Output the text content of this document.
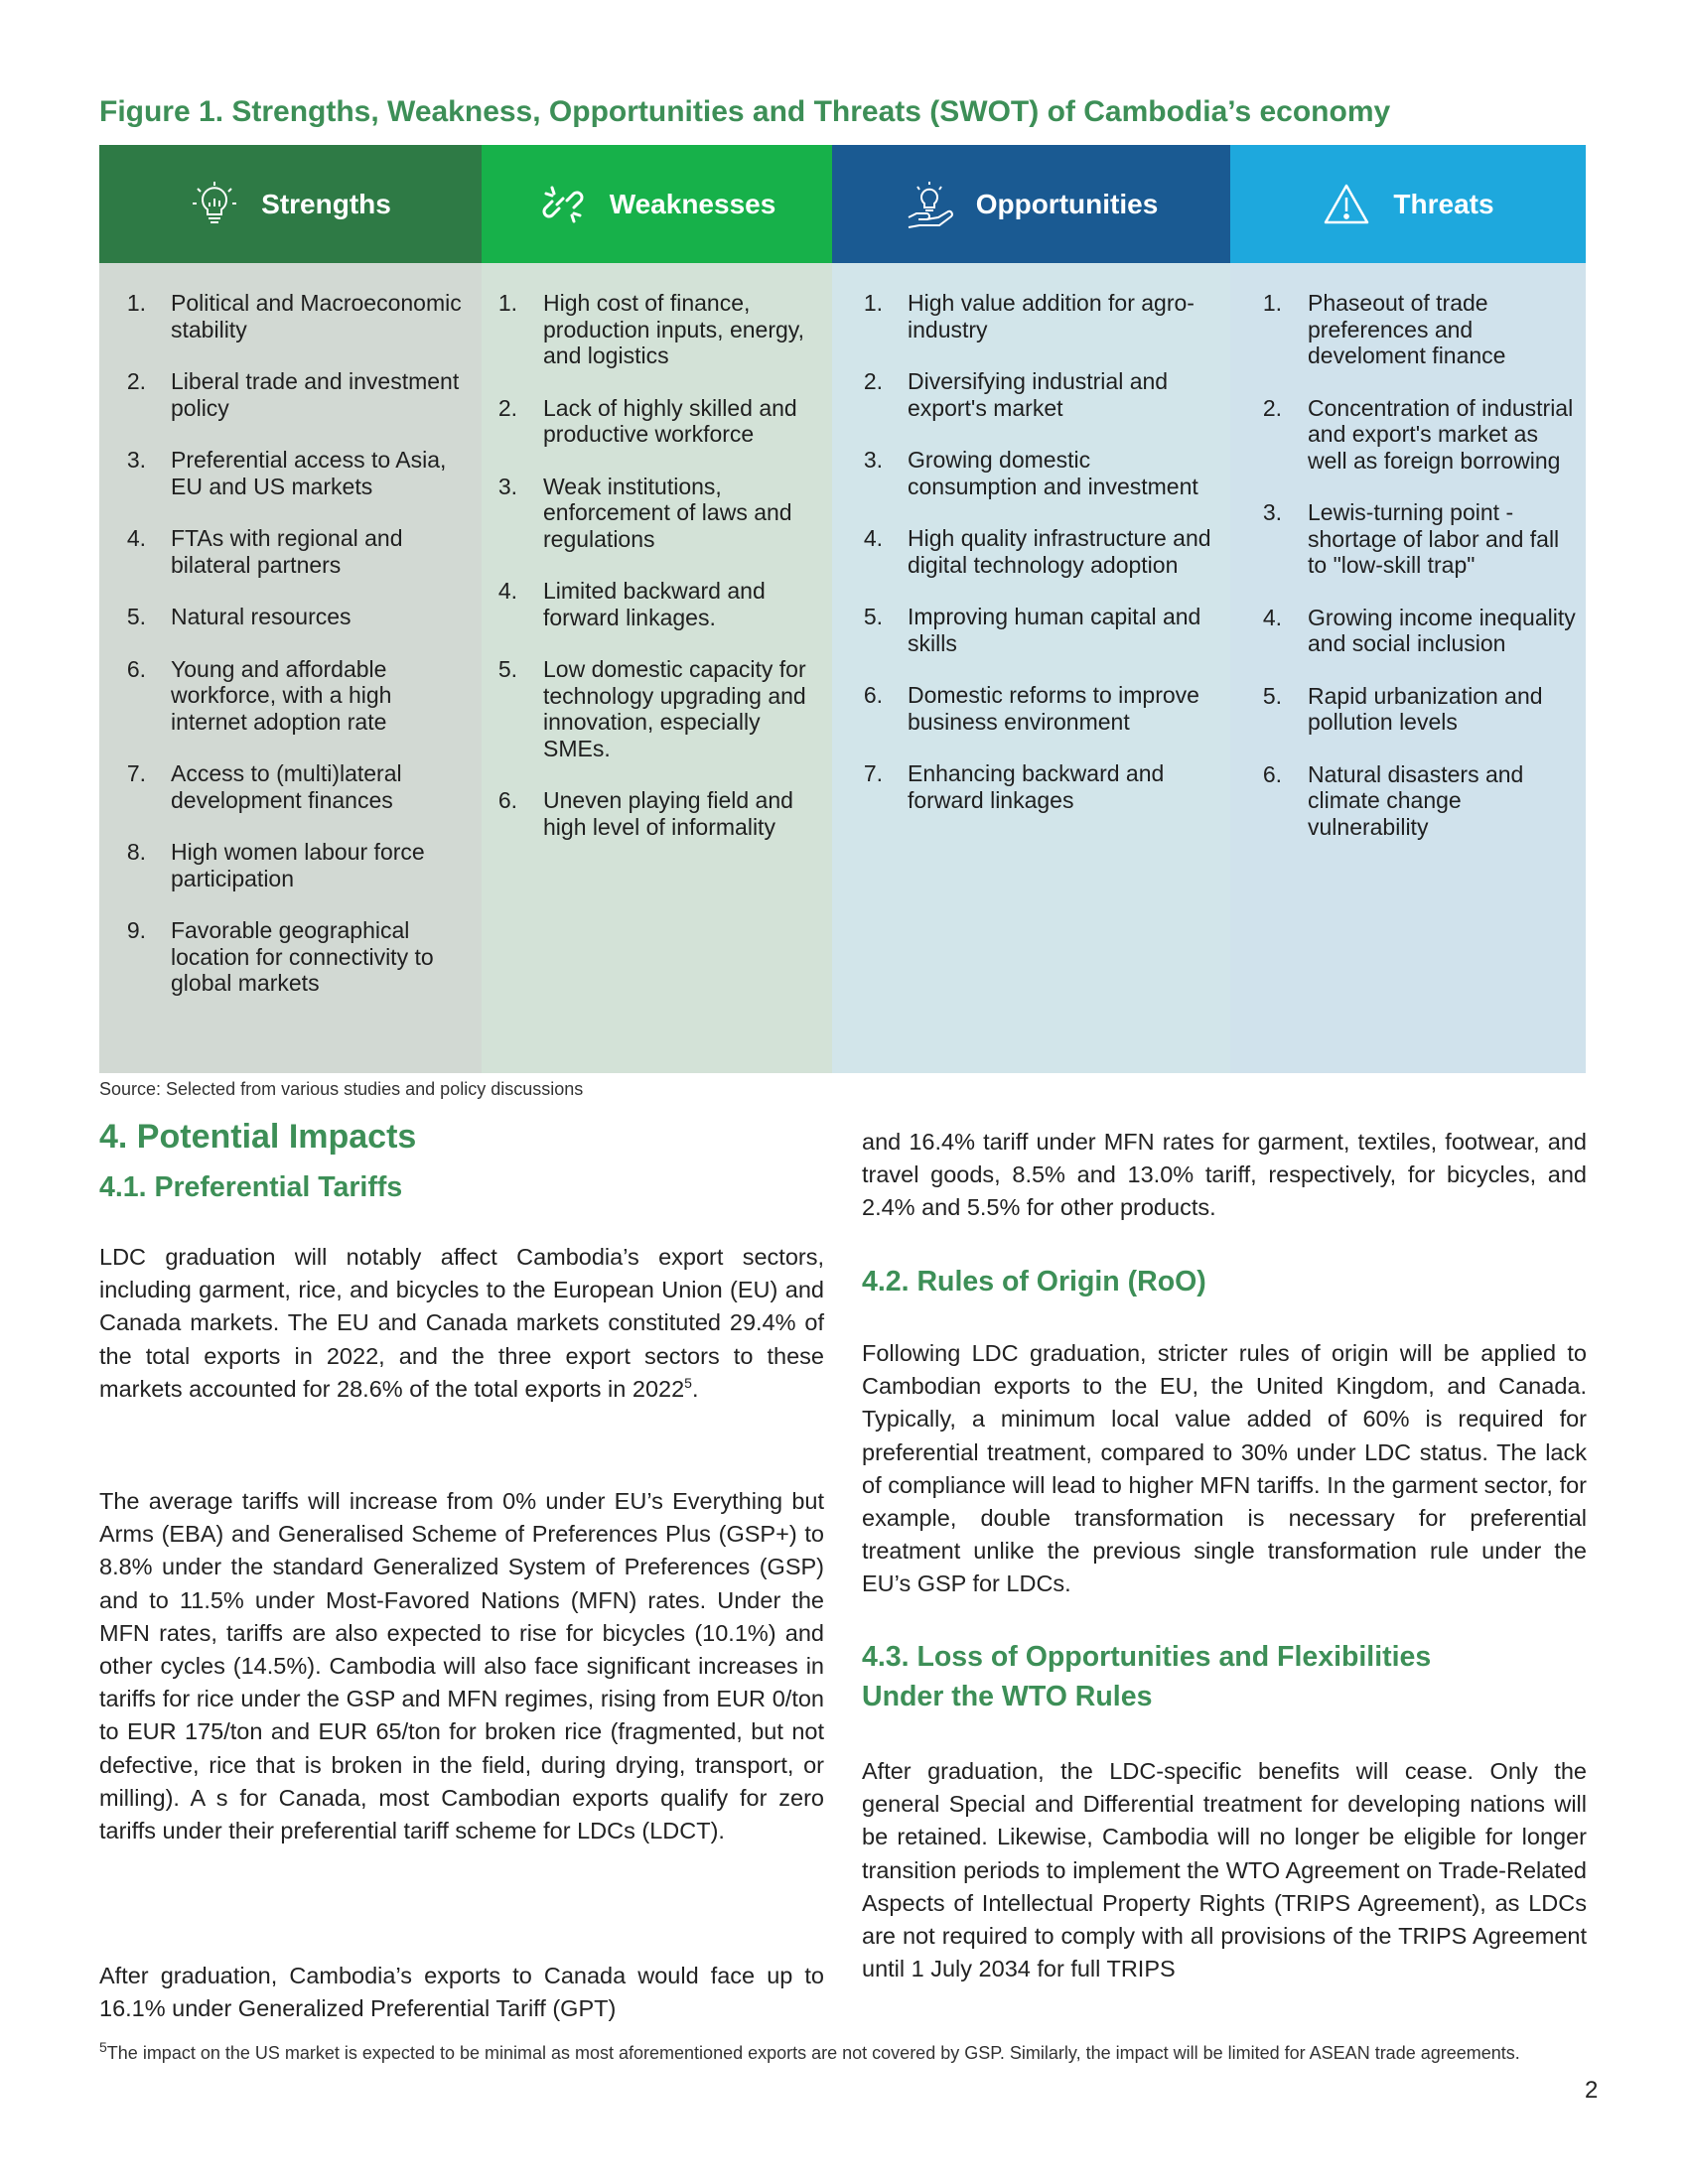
Figure 1. Strengths, Weakness, Opportunities and Threats (SWOT) of Cambodia’s economy
Strengths
1. Political and Macroeconomic stability
2. Liberal trade and investment policy
3. Preferential access to Asia, EU and US markets
4. FTAs with regional and bilateral partners
5. Natural resources
6. Young and affordable workforce, with a high internet adoption rate
7. Access to (multi)lateral development finances
8. High women labour force participation
9. Favorable geographical location for connectivity to global markets
Weaknesses
1. High cost of finance, production inputs, energy, and logistics
2. Lack of highly skilled and productive workforce
3. Weak institutions, enforcement of laws and regulations
4. Limited backward and forward linkages.
5. Low domestic capacity for technology upgrading and innovation, especially SMEs.
6. Uneven playing field and high level of informality
Opportunities
1. High value addition for agro-industry
2. Diversifying industrial and export's market
3. Growing domestic consumption and investment
4. High quality infrastructure and digital technology adoption
5. Improving human capital and skills
6. Domestic reforms to improve business environment
7. Enhancing backward and forward linkages
Threats
1. Phaseout of trade preferences and develoment finance
2. Concentration of industrial and export's market as well as foreign borrowing
3. Lewis-turning point - shortage of labor and fall to "low-skill trap"
4. Growing income inequality and social inclusion
5. Rapid urbanization and pollution levels
6. Natural disasters and climate change vulnerability
Source: Selected from various studies and policy discussions
4. Potential Impacts
4.1. Preferential Tariffs

LDC graduation will notably affect Cambodia’s export sectors, including garment, rice, and bicycles to the European Union (EU) and Canada markets. The EU and Canada markets constituted 29.4% of the total exports in 2022, and the three export sectors to these markets accounted for 28.6% of the total exports in 2022$^5$.

The average tariffs will increase from 0% under EU’s Everything but Arms (EBA) and Generalised Scheme of Preferences Plus (GSP+) to 8.8% under the standard Generalized System of Preferences (GSP) and to 11.5% under Most-Favored Nations (MFN) rates. Under the MFN rates, tariffs are also expected to rise for bicycles (10.1%) and other cycles (14.5%). Cambodia will also face significant increases in tariffs for rice under the GSP and MFN regimes, rising from EUR 0/ton to EUR 175/ton and EUR 65/ton for broken rice (fragmented, but not defective, rice that is broken in the field, during drying, transport, or milling). A s for Canada, most Cambodian exports qualify for zero tariffs under their preferential tariff scheme for LDCs (LDCT).

After graduation, Cambodia’s exports to Canada would face up to 16.1% under Generalized Preferential Tariff (GPT)

and 16.4% tariff under MFN rates for garment, textiles, footwear, and travel goods, 8.5% and 13.0% tariff, respectively, for bicycles, and 2.4% and 5.5% for other products.

4.2. Rules of Origin (RoO)

Following LDC graduation, stricter rules of origin will be applied to Cambodian exports to the EU, the United Kingdom, and Canada. Typically, a minimum local value added of 60% is required for preferential treatment, compared to 30% under LDC status. The lack of compliance will lead to higher MFN tariffs. In the garment sector, for example, double transformation is necessary for preferential treatment unlike the previous single transformation rule under the EU’s GSP for LDCs.

4.3. Loss of Opportunities and Flexibilities
Under the WTO Rules

After graduation, the LDC-specific benefits will cease. Only the general Special and Differential treatment for developing nations will be retained. Likewise, Cambodia will no longer be eligible for longer transition periods to implement the WTO Agreement on Trade-Related Aspects of Intellectual Property Rights (TRIPS Agreement), as LDCs are not required to comply with all provisions of the TRIPS Agreement until 1 July 2034 for full TRIPS

$^5$The impact on the US market is expected to be minimal as most aforementioned exports are not covered by GSP. Similarly, the impact will be limited for ASEAN trade agreements.
2
